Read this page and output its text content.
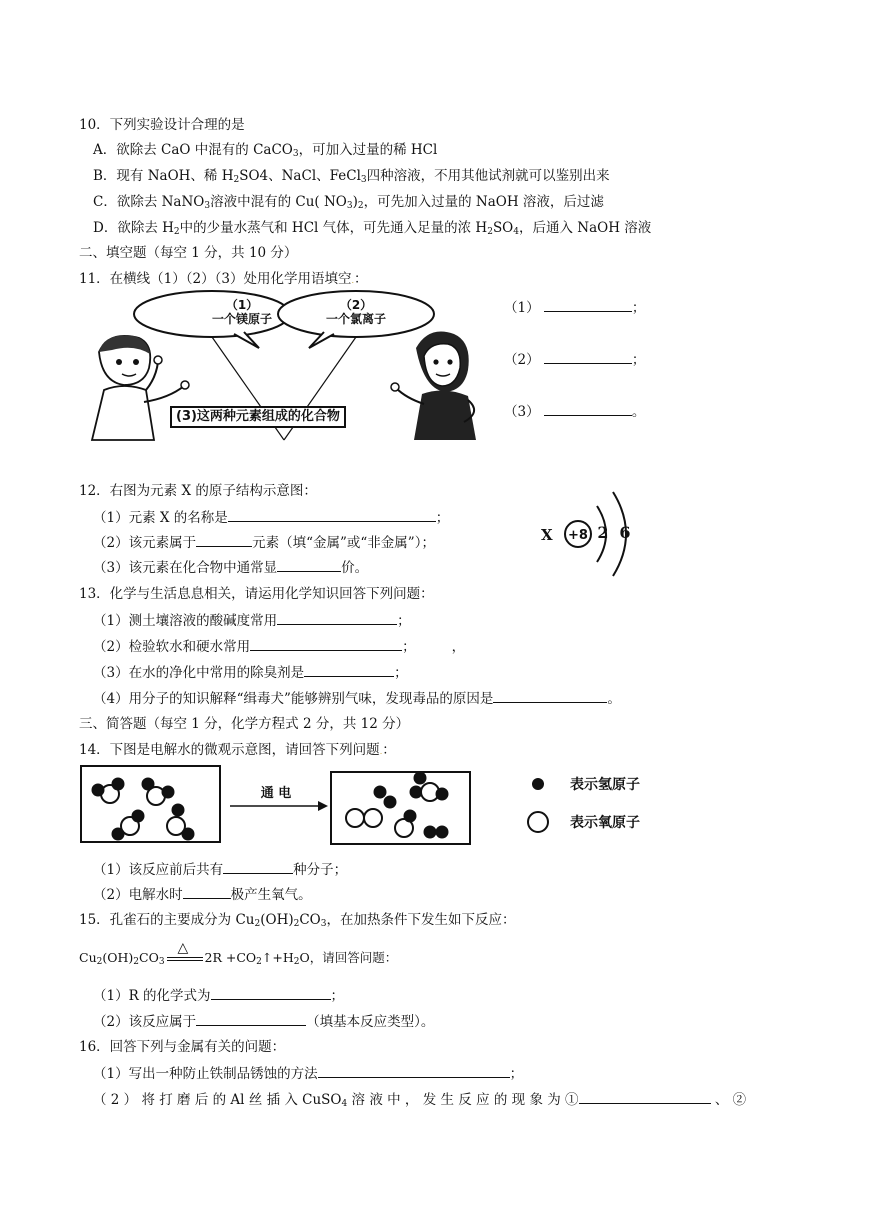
10．下列实验设计合理的是
A．欲除去 CaO 中混有的 CaCO$_3$，可加入过量的稀 HCl
B．现有 NaOH、稀 $H_2SO4$、NaCl、FeCl$_3$四种溶液，不用其他试剂就可以鉴别出来
C．欲除去 NaNO$_3$溶液中混有的 Cu( $NO_3)_2$，可先加入过量的 NaOH 溶液，后过滤
D．欲除去 $H_2$中的少量水蒸气和 HCl 气体，可先通入足量的浓 $H_2SO_4$，后通入 NaOH 溶液
二、填空题（每空 1 分，共 10 分）
11．在横线（1）（2）（3）处用化学用语填空.：
（1）
一个镁原子
（2）
一个氯离子
(3)这两种元素组成的化合物
（1）	；
（2）	；
（3）	。
12．右图为元素 X 的原子结构示意图：
（1）元素 X 的名称是	；
（2）该元素属于	元素（填“金属”或“非金属”）；
（3）该元素在化合物中通常显	价。
X +8 2 6
13．化学与生活息息相关，请运用化学知识回答下列问题：
（1）测土壤溶液的酸碱度常用	；
（2）检验软水和硬水常用	；	，
（3）在水的净化中常用的除臭剂是	；
（4）用分子的知识解释“缉毒犬”能够辨别气味，发现毒品的原因是	。
三、简答题（每空 1 分，化学方程式 2 分，共 12 分）
14．下图是电解水的微观示意图，请回答下列问题.：
通 电
表示氢原子
表示氧原子
（1）该反应前后共有	种分子；
（2）电解水时	极产生氧气。
15．孔雀石的主要成分为 $Cu_2(OH)_2CO_3$，在加热条件下发生如下反应：
$Cu_2(OH)_2CO_3$
△
$2R +CO_2↑+H_2O$，请回答问题：
（1）R 的化学式为	；
（2）该反应属于	（填基本反应类型）。
16．回答下列与金属有关的问题：
（1）写出一种防止铁制品锈蚀的方法	；
（ 2 ） 将 打 磨 后 的 Al 丝 插 入 CuSO$_4$ 溶 液 中 ， 发 生 反 应 的 现 象 为 ①	、 ②
